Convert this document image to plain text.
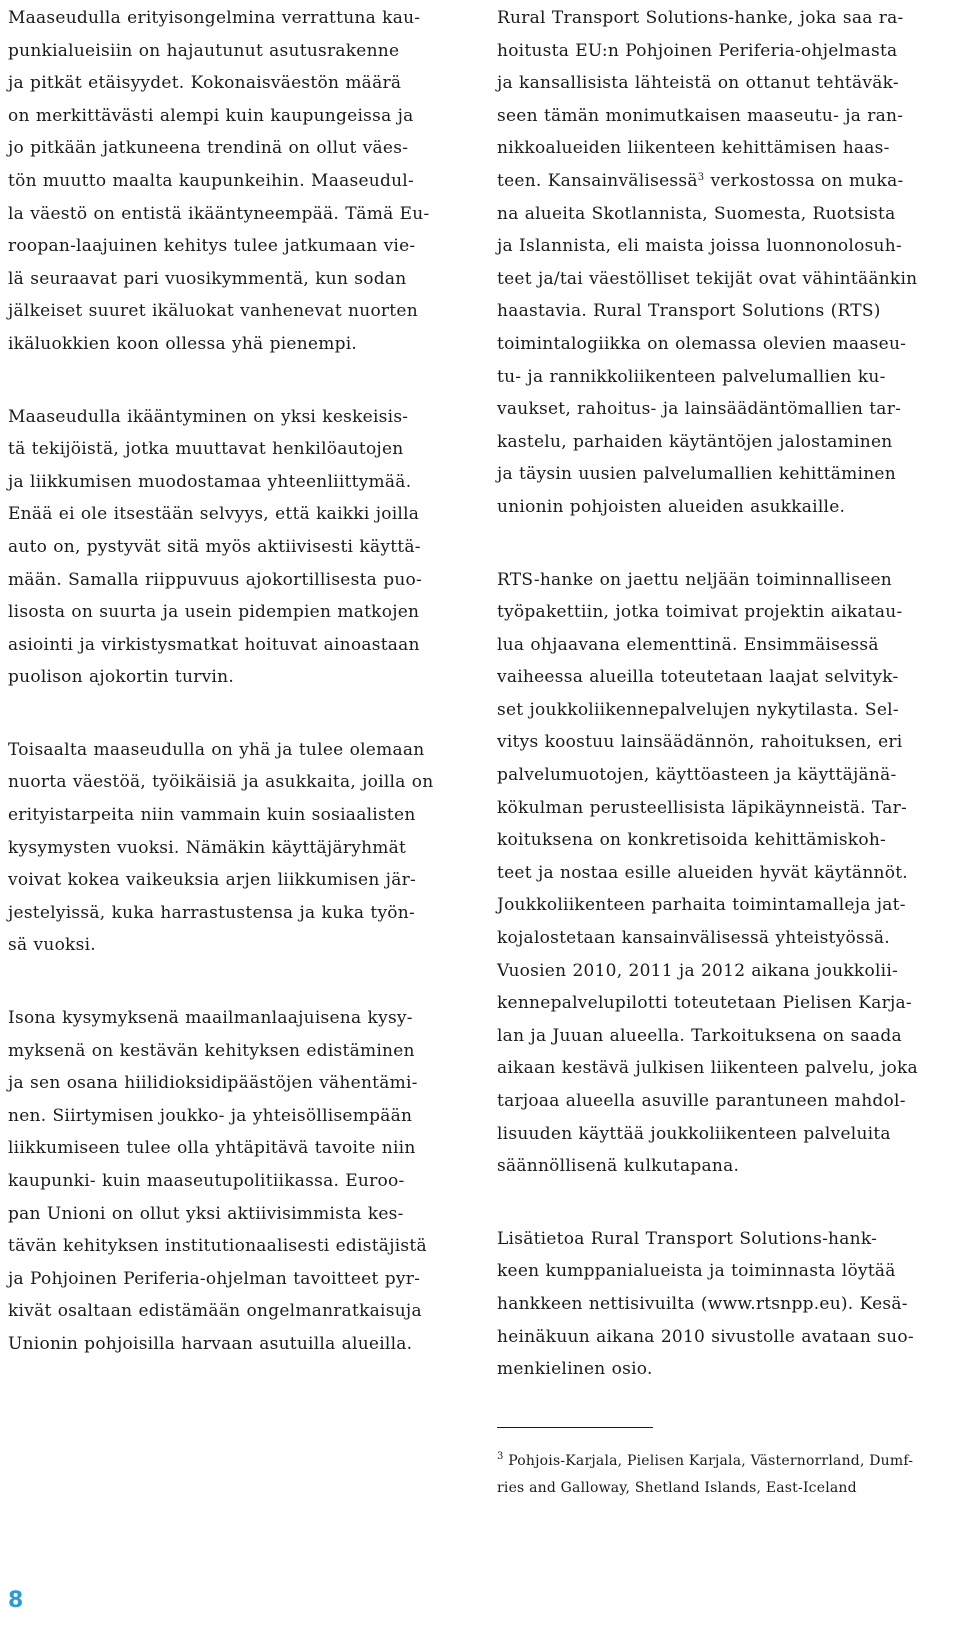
Maaseudulla erityisongelmina verrattuna kau-
punkialueisiin on hajautunut asutusrakenne
ja pitkät etäisyydet. Kokonaisväestön määrä
on merkittävästi alempi kuin kaupungeissa ja
jo pitkään jatkuneena trendinä on ollut väes-
tön muutto maalta kaupunkeihin. Maaseudul-
la väestö on entistä ikääntyneempää. Tämä Eu-
roopan-laajuinen kehitys tulee jatkumaan vie-
lä seuraavat pari vuosikymmentä, kun sodan
jälkeiset suuret ikäluokat vanhenevat nuorten
ikäluokkien koon ollessa yhä pienempi.

Maaseudulla ikääntyminen on yksi keskeisis-
tä tekijöistä, jotka muuttavat henkilöautojen
ja liikkumisen muodostamaa yhteenliittymää.
Enää ei ole itsestään selvyys, että kaikki joilla
auto on, pystyvät sitä myös aktiivisesti käyttä-
mään. Samalla riippuvuus ajokortillisesta puo-
lisosta on suurta ja usein pidempien matkojen
asiointi ja virkistysmatkat hoituvat ainoastaan
puolison ajokortin turvin.

Toisaalta maaseudulla on yhä ja tulee olemaan
nuorta väestöä, työikäisiä ja asukkaita, joilla on
erityistarpeita niin vammain kuin sosiaalisten
kysymysten vuoksi. Nämäkin käyttäjäryhmät
voivat kokea vaikeuksia arjen liikkumisen jär-
jestelyissä, kuka harrastustensa ja kuka työn-
sä vuoksi.

Isona kysymyksenä maailmanlaajuisena kysy-
myksenä on kestävän kehityksen edistäminen
ja sen osana hiilidioksidipäästöjen vähentämi-
nen. Siirtymisen joukko- ja yhteisöllisempään
liikkumiseen tulee olla yhtäpitävä tavoite niin
kaupunki- kuin maaseutupolitiikassa. Euroo-
pan Unioni on ollut yksi aktiivisimmista kes-
tävän kehityksen institutionaalisesti edistäjistä
ja Pohjoinen Periferia-ohjelman tavoitteet pyr-
kivät osaltaan edistämään ongelmanratkaisuja
Unionin pohjoisilla harvaan asutuilla alueilla.

Rural Transport Solutions-hanke, joka saa ra-
hoitusta EU:n Pohjoinen Periferia-ohjelmasta
ja kansallisista lähteistä on ottanut tehtäväk-
seen tämän monimutkaisen maaseutu- ja ran-
nikkoalueiden liikenteen kehittämisen haas-
teen. Kansainvälisessä$^3$ verkostossa on muka-
na alueita Skotlannista, Suomesta, Ruotsista
ja Islannista, eli maista joissa luonnonolosuh-
teet ja/tai väestölliset tekijät ovat vähintäänkin
haastavia. Rural Transport Solutions (RTS)
toimintalogiikka on olemassa olevien maaseu-
tu- ja rannikkoliikenteen palvelumallien ku-
vaukset, rahoitus- ja lainsäädäntömallien tar-
kastelu, parhaiden käytäntöjen jalostaminen
ja täysin uusien palvelumallien kehittäminen
unionin pohjoisten alueiden asukkaille.

RTS-hanke on jaettu neljään toiminnalliseen
työpakettiin, jotka toimivat projektin aikatau-
lua ohjaavana elementtinä. Ensimmäisessä
vaiheessa alueilla toteutetaan laajat selvityk-
set joukkoliikennepalvelujen nykytilasta. Sel-
vitys koostuu lainsäädännön, rahoituksen, eri
palvelumuotojen, käyttöasteen ja käyttäjänä-
kökulman perusteellisista läpikäynneistä. Tar-
koituksena on konkretisoida kehittämiskoh-
teet ja nostaa esille alueiden hyvät käytännöt.
Joukkoliikenteen parhaita toimintamalleja jat-
kojalostetaan kansainvälisessä yhteistyössä.
Vuosien 2010, 2011 ja 2012 aikana joukkolii-
kennepalvelupilotti toteutetaan Pielisen Karja-
lan ja Juuan alueella. Tarkoituksena on saada
aikaan kestävä julkisen liikenteen palvelu, joka
tarjoaa alueella asuville parantuneen mahdol-
lisuuden käyttää joukkoliikenteen palveluita
säännöllisenä kulkutapana.

Lisätietoa Rural Transport Solutions-hank-
keen kumppanialueista ja toiminnasta löytää
hankkeen nettisivuilta (www.rtsnpp.eu). Kesä-
heinäkuun aikana 2010 sivustolle avataan suo-
menkielinen osio.

$^3$ Pohjois-Karjala, Pielisen Karjala, Västernorrland, Dumf-
ries and Galloway, Shetland Islands, East-Iceland

8
